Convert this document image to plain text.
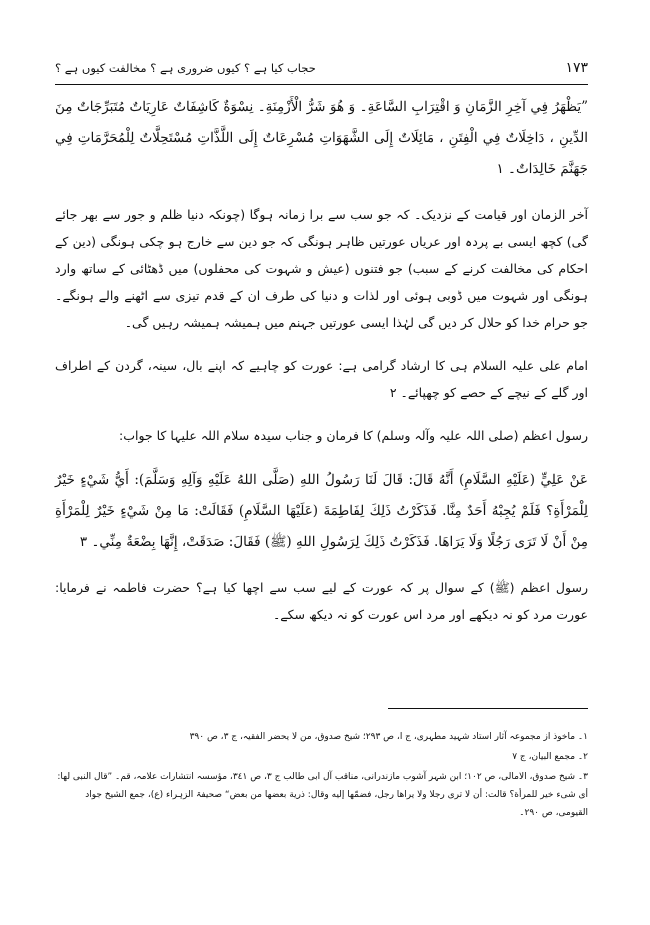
۱۷۳
حجاب کیا ہے ؟ کیوں ضروری ہے ؟ مخالفت کیوں ہے ؟

”يَظْهَرُ فِي آخِرِ الزَّمَانِ وَ اقْتِرَابِ السَّاعَةِ۔ وَ هُوَ شَرُّ الْأَزْمِنَةِ۔ نِسْوَةٌ كَاشِفَاتٌ عَارِيَاتٌ مُتَبَرِّجَاتٌ مِنَ الدِّينِ ، دَاخِلَاتٌ فِي الْفِتَنِ ، مَائِلَاتٌ إِلَى الشَّهَوَاتِ مُسْرِعَاتٌ إِلَى اللَّذَّاتِ مُسْتَحِلَّاتٌ لِلْمُحَرَّمَاتِ فِي جَهَنَّمَ خَالِدَاتٌ۔ ١

آخر الزمان اور قیامت کے نزدیک۔ کہ جو سب سے برا زمانہ ہوگا (چونکہ دنیا ظلم و جور سے بھر جائے گی) کچھ ایسی بے پردہ اور عریاں عورتیں ظاہر ہونگی کہ جو دین سے خارج ہو چکی ہونگی (دین کے احکام کی مخالفت کرنے کے سبب) جو فتنوں (عیش و شہوت کی محفلوں) میں ڈھٹائی کے ساتھ وارد ہونگی اور شہوت میں ڈوبی ہوئی اور لذات و دنیا کی طرف ان کے قدم تیزی سے اٹھنے والے ہونگے۔ جو حرام خدا کو حلال کر دیں گی لہٰذا ایسی عورتیں جہنم میں ہمیشہ ہمیشہ رہیں گی۔

امام علی علیہ السلام ہی کا ارشاد گرامی ہے: عورت کو چاہیے کہ اپنے بال، سینہ، گردن کے اطراف اور گلے کے نیچے کے حصے کو چھپائے۔ ٢

رسول اعظم (صلی اللہ علیہ وآلہ وسلم) کا فرمان و جناب سیدہ سلام اللہ علیہا کا جواب:

عَنْ عَلِيٍّ (عَلَيْهِ السَّلَامِ) أَنَّهُ قَالَ: قَالَ لَنَا رَسُولُ اللهِ (صَلَّى اللهُ عَلَيْهِ وَآلِهِ وَسَلَّمَ): أَيُّ شَيْءٍ خَيْرٌ لِلْمَرْأَةِ؟ فَلَمْ يُجِبْهُ أَحَدٌ مِنَّا. فَذَكَرْتُ ذَلِكَ لِفَاطِمَةَ (عَلَيْهَا السَّلَامِ) فَقَالَتْ: مَا مِنْ شَيْءٍ خَيْرٌ لِلْمَرْأَةِ مِنْ أَنْ لَا تَرَى رَجُلًا وَلَا يَرَاهَا. فَذَكَرْتُ ذَلِكَ لِرَسُولِ اللهِ (ﷺ) فَقَالَ: صَدَقَتْ، إِنَّهَا بِضْعَةٌ مِنِّي۔ ٣

رسول اعظم (ﷺ) کے سوال پر کہ عورت کے لیے سب سے اچھا کیا ہے؟ حضرت فاطمہ نے فرمایا: عورت مرد کو نہ دیکھے اور مرد اس عورت کو نہ دیکھ سکے۔

١۔ ماخوذ از مجموعہ آثار استاد شہید مطہری، ج ا، ص ٢٩٣؛ شیخ صدوق، من لا یحضر الفقیہ، ج ٣، ص ٣٩٠
٢۔ مجمع البیان، ج ٧
٣۔ شیخ صدوق، الامالی، ص ١٠٢؛ ابن شہر آشوب مازندرانی، مناقب آل ابی طالب ج ٣، ص ٣٤١، مؤسسہ انتشارات علامہ، قم۔ ”قال النبی لها: أی شیء خیر للمرأة؟ قالت: أن لا تری رجلا ولا یراها رجل، فضمّها إليه وقال: ذریة بعضها من بعض“ صحیفۃ الزہراء (ع)، جمع الشیخ جواد القیومی، ص ٢٩٠۔
